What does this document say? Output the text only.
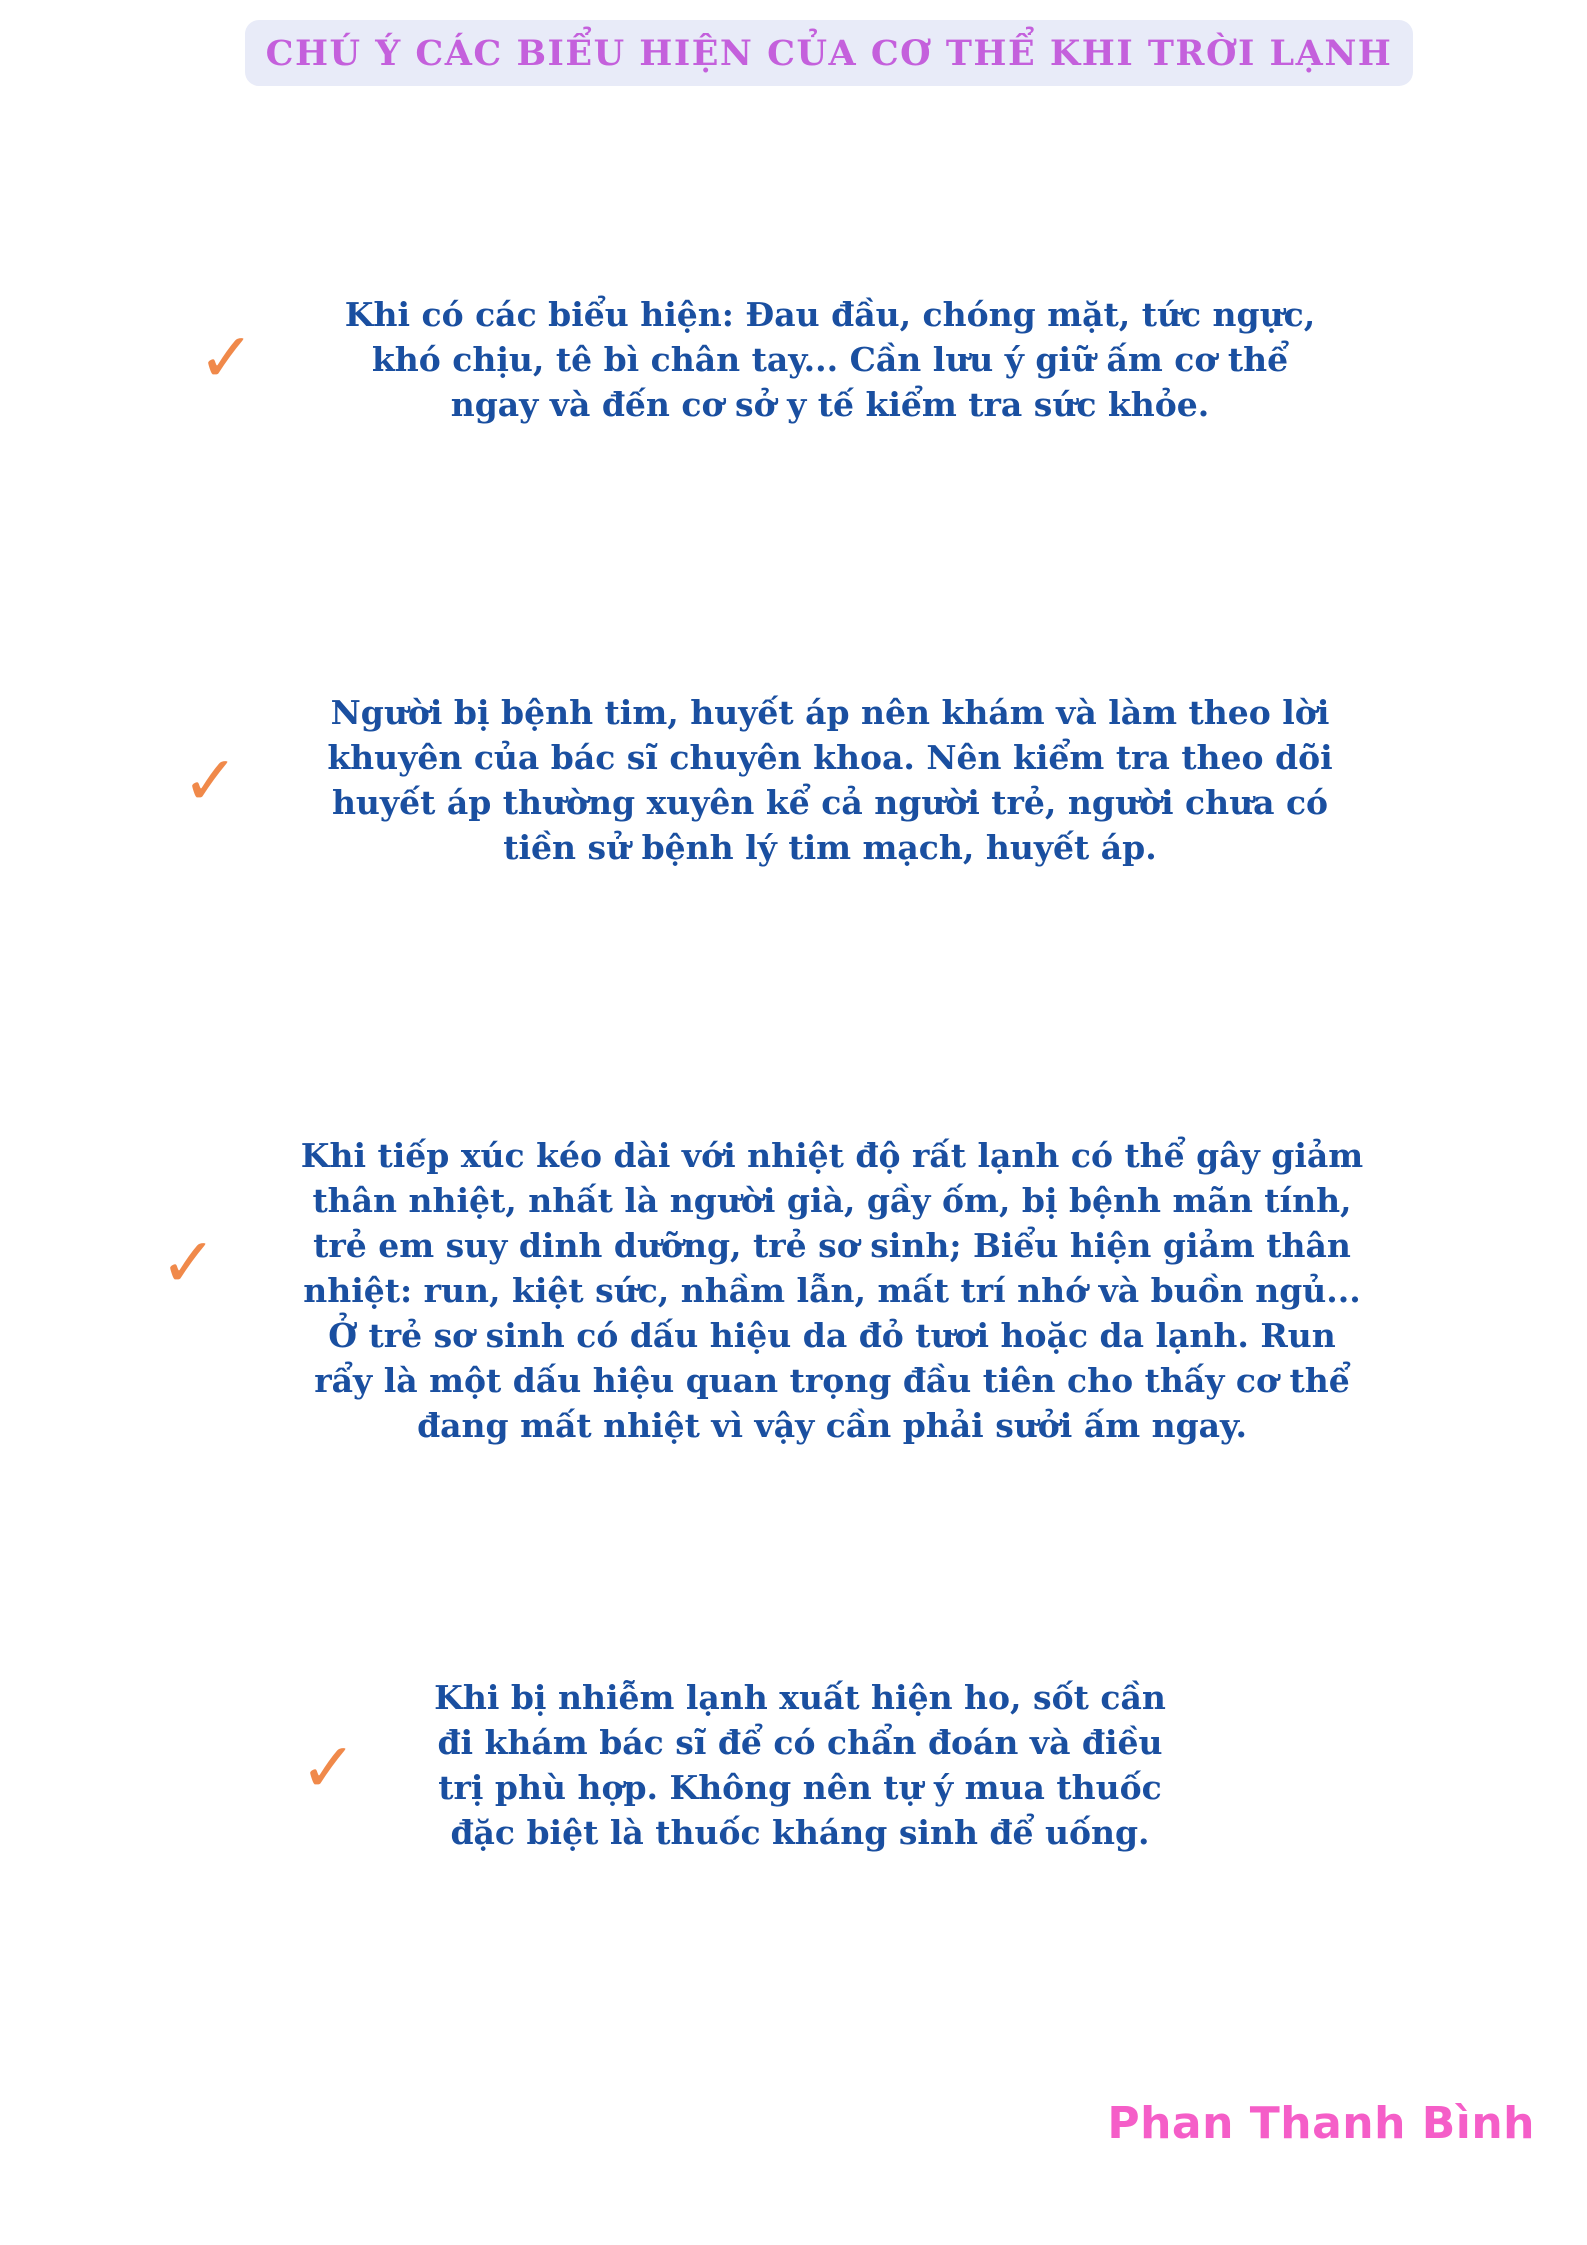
CHÚ Ý CÁC BIỂU HIỆN CỦA CƠ THỂ KHI TRỜI LẠNH
✓
Khi có các biểu hiện: Đau đầu, chóng mặt, tức ngực,
khó chịu, tê bì chân tay... Cần lưu ý giữ ấm cơ thể
ngay và đến cơ sở y tế kiểm tra sức khỏe.
✓
Người bị bệnh tim, huyết áp nên khám và làm theo lời
khuyên của bác sĩ chuyên khoa. Nên kiểm tra theo dõi
huyết áp thường xuyên kể cả người trẻ, người chưa có
tiền sử bệnh lý tim mạch, huyết áp.
✓
Khi tiếp xúc kéo dài với nhiệt độ rất lạnh có thể gây giảm
thân nhiệt, nhất là người già, gầy ốm, bị bệnh mãn tính,
trẻ em suy dinh dưỡng, trẻ sơ sinh; Biểu hiện giảm thân
nhiệt: run, kiệt sức, nhầm lẫn, mất trí nhớ và buồn ngủ...
Ở trẻ sơ sinh có dấu hiệu da đỏ tươi hoặc da lạnh. Run
rẩy là một dấu hiệu quan trọng đầu tiên cho thấy cơ thể
đang mất nhiệt vì vậy cần phải sưởi ấm ngay.
✓
Khi bị nhiễm lạnh xuất hiện ho, sốt cần
đi khám bác sĩ để có chẩn đoán và điều
trị phù hợp. Không nên tự ý mua thuốc
đặc biệt là thuốc kháng sinh để uống.
Phan Thanh Bình
